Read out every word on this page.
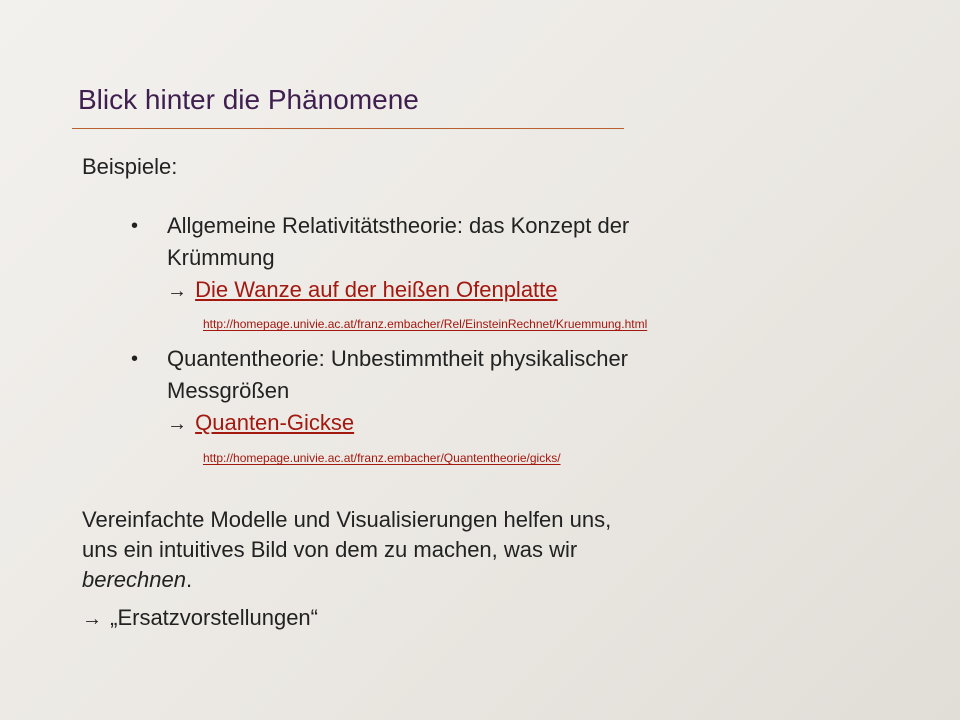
Blick hinter die Phänomene
Beispiele:
• Allgemeine Relativitätstheorie: das Konzept der
Krümmung
→ Die Wanze auf der heißen Ofenplatte
http://homepage.univie.ac.at/franz.embacher/Rel/EinsteinRechnet/Kruemmung.html
• Quantentheorie: Unbestimmtheit physikalischer
Messgrößen
→ Quanten-Gickse
http://homepage.univie.ac.at/franz.embacher/Quantentheorie/gicks/
Vereinfachte Modelle und Visualisierungen helfen uns,
uns ein intuitives Bild von dem zu machen, was wir
berechnen.
→ „Ersatzvorstellungen“
